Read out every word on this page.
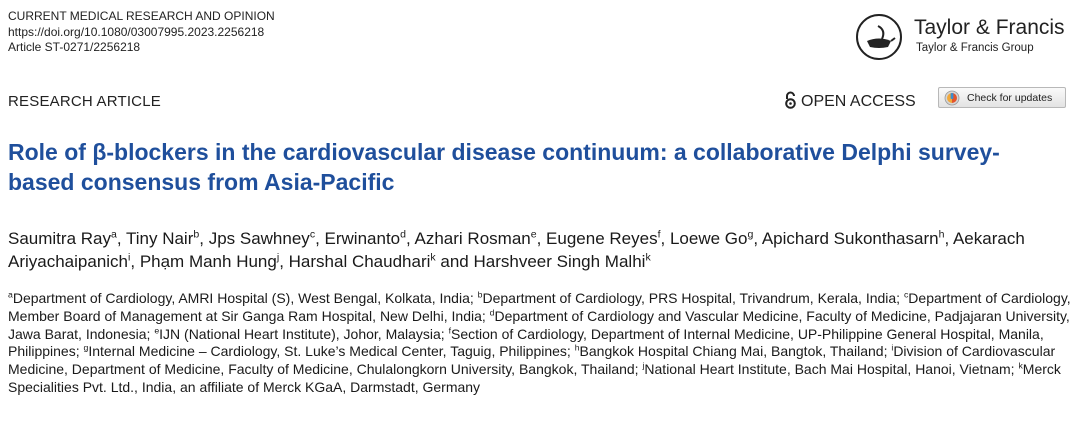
CURRENT MEDICAL RESEARCH AND OPINION
https://doi.org/10.1080/03007995.2023.2256218
Article ST-0271/2256218
Taylor & Francis
Taylor & Francis Group
RESEARCH ARTICLE	OPEN ACCESS	Check for updates
Role of β-blockers in the cardiovascular disease continuum: a collaborative Delphi survey-based consensus from Asia-Pacific

Saumitra Ray$^a$, Tiny Nair$^b$, Jps Sawhney$^c$, Erwinanto$^d$, Azhari Rosman$^e$, Eugene Reyes$^f$, Loewe Go$^g$, Apichard Sukonthasarn$^h$, Aekarach Ariyachaipanich$^i$, Phạm Manh Hung$^j$, Harshal Chaudhari$^k$ and Harshveer Singh Malhi$^k$

$^a$Department of Cardiology, AMRI Hospital (S), West Bengal, Kolkata, India; $^b$Department of Cardiology, PRS Hospital, Trivandrum, Kerala, India; $^c$Department of Cardiology, Member Board of Management at Sir Ganga Ram Hospital, New Delhi, India; $^d$Department of Cardiology and Vascular Medicine, Faculty of Medicine, Padjajaran University, Jawa Barat, Indonesia; $^e$IJN (National Heart Institute), Johor, Malaysia; $^f$Section of Cardiology, Department of Internal Medicine, UP-Philippine General Hospital, Manila, Philippines; $^g$Internal Medicine – Cardiology, St. Luke’s Medical Center, Taguig, Philippines; $^h$Bangkok Hospital Chiang Mai, Bangtok, Thailand; $^i$Division of Cardiovascular Medicine, Department of Medicine, Faculty of Medicine, Chulalongkorn University, Bangkok, Thailand; $^j$National Heart Institute, Bach Mai Hospital, Hanoi, Vietnam; $^k$Merck Specialities Pvt. Ltd., India, an affiliate of Merck KGaA, Darmstadt, Germany
